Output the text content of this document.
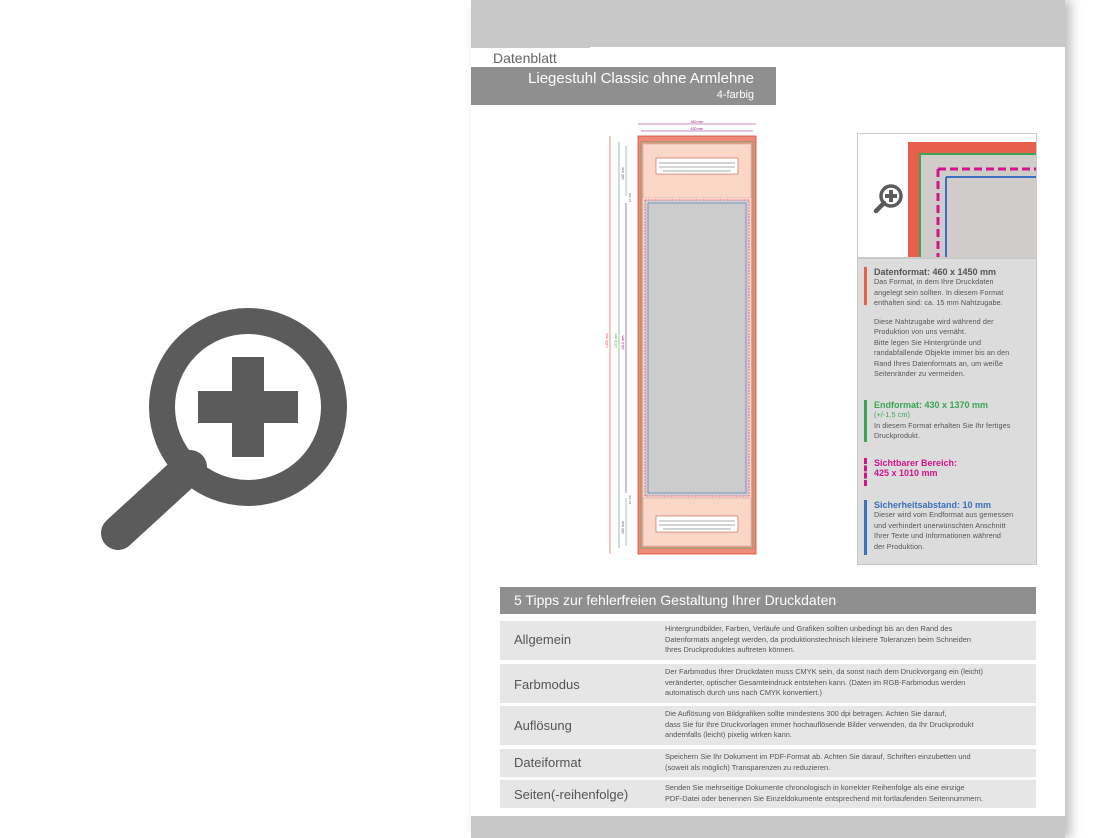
Datenblatt
Liegestuhl Classic ohne Armlehne
4-farbig
460 mm
430 mm
1450 mm 1370 mm 1010 mm
180 mm
180 mm
10 mm
10 mm
Datenformat: 460 x 1450 mm
Das Format, in dem Ihre Druckdaten
angelegt sein sollten. In diesem Format
enthalten sind: ca. 15 mm Nahtzugabe.
Diese Nahtzugabe wird während der
Produktion von uns vernäht.
Bitte legen Sie Hintergründe und
randabfallende Objekte immer bis an den
Rand Ihres Datenformats an, um weiße
Seitenränder zu vermeiden.
Endformat: 430 x 1370 mm
(+/-1,5 cm)
In diesem Format erhalten Sie Ihr fertiges
Druckprodukt.
Sichtbarer Bereich:
425 x 1010 mm
Sicherheitsabstand: 10 mm
Dieser wird vom Endformat aus gemessen
und verhindert unerwünschten Anschnitt
Ihrer Texte und Informationen während
der Produktion.
5 Tipps zur fehlerfreien Gestaltung Ihrer Druckdaten
Allgemein
Hintergrundbilder, Farben, Verläufe und Grafiken sollten unbedingt bis an den Rand des
Datenformats angelegt werden, da produktionstechnisch kleinere Toleranzen beim Schneiden
Ihres Druckproduktes auftreten können.
Farbmodus
Der Farbmodus Ihrer Druckdaten muss CMYK sein, da sonst nach dem Druckvorgang ein (leicht)
veränderter, optischer Gesamteindruck entstehen kann. (Daten im RGB-Farbmodus werden
automatisch durch uns nach CMYK konvertiert.)
Auflösung
Die Auflösung von Bildgrafiken sollte mindestens 300 dpi betragen. Achten Sie darauf,
dass Sie für Ihre Druckvorlagen immer hochauflösende Bilder verwenden, da Ihr Druckprodukt
andernfalls (leicht) pixelig wirken kann.
Dateiformat	Speichern Sie Ihr Dokument im PDF-Format ab. Achten Sie darauf, Schriften einzubetten und
(soweit als möglich) Transparenzen zu reduzieren.
Seiten(-reihenfolge)	Senden Sie mehrseitige Dokumente chronologisch in korrekter Reihenfolge als eine einzige
PDF-Datei oder benennen Sie Einzeldokumente entsprechend mit fortlaufenden Seitennummern.
